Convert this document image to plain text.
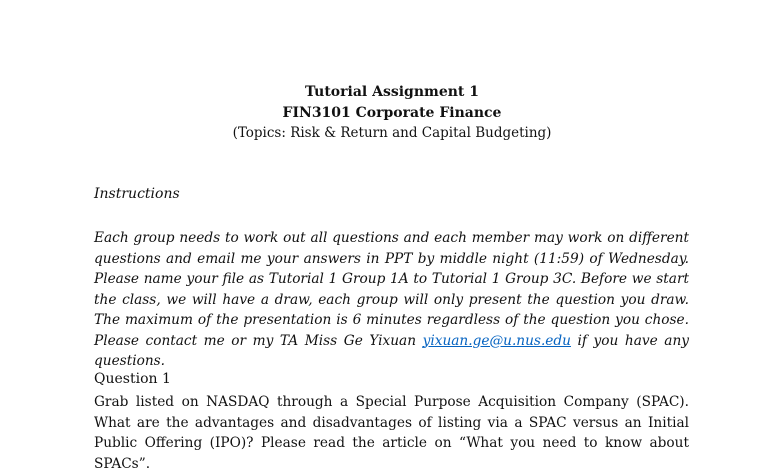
Tutorial Assignment 1
FIN3101 Corporate Finance
(Topics: Risk & Return and Capital Budgeting)
Instructions
Each group needs to work out all questions and each member may work on different questions and email me your answers in PPT by middle night (11:59) of Wednesday. Please name your file as Tutorial 1 Group 1A to Tutorial 1 Group 3C. Before we start the class, we will have a draw, each group will only present the question you draw. The maximum of the presentation is 6 minutes regardless of the question you chose. Please contact me or my TA Miss Ge Yixuan yixuan.ge@u.nus.edu if you have any questions.
Question 1
Grab listed on NASDAQ through a Special Purpose Acquisition Company (SPAC). What are the advantages and disadvantages of listing via a SPAC versus an Initial Public Offering (IPO)? Please read the article on “What you need to know about SPACs”.
